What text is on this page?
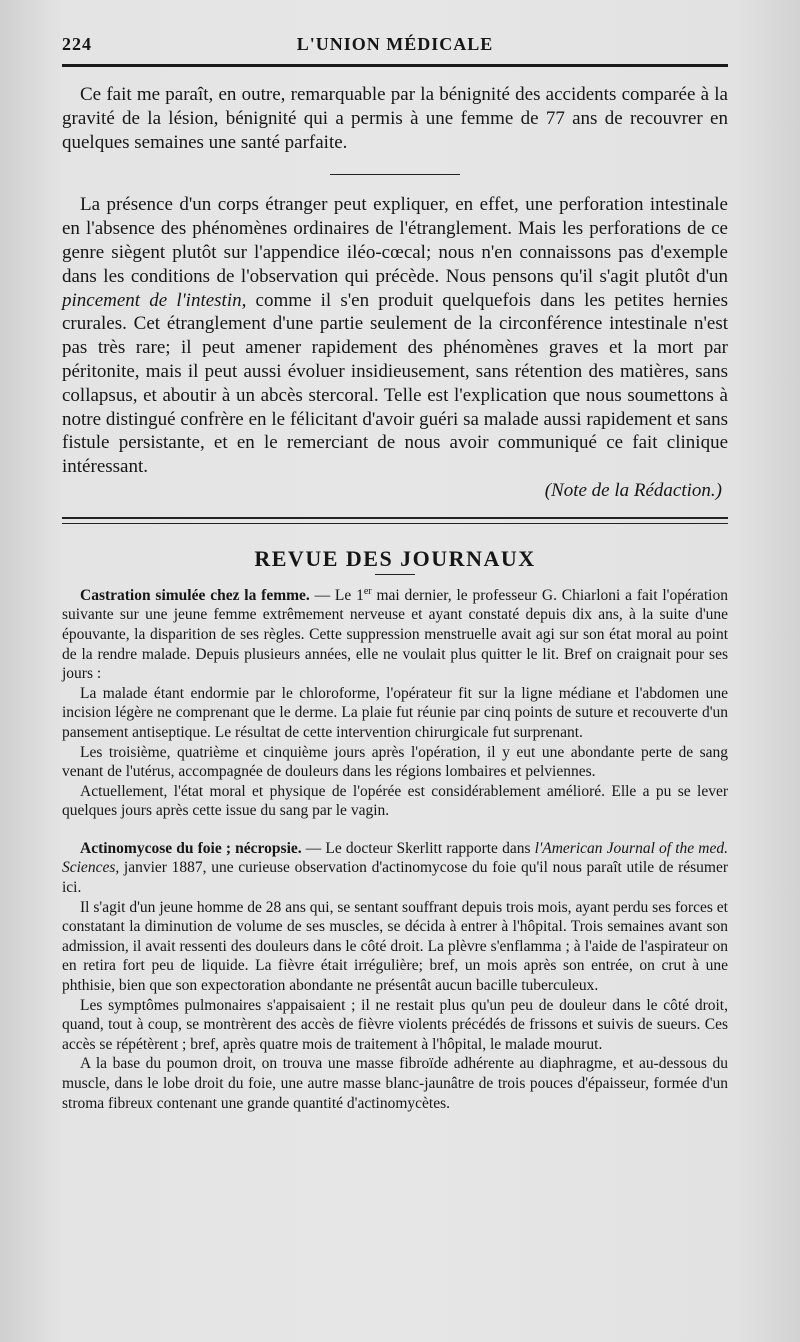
224	L'UNION MÉDICALE

Ce fait me paraît, en outre, remarquable par la bénignité des accidents comparée à la gravité de la lésion, bénignité qui a permis à une femme de 77 ans de recouvrer en quelques semaines une santé parfaite.

La présence d'un corps étranger peut expliquer, en effet, une perforation intestinale en l'absence des phénomènes ordinaires de l'étranglement. Mais les perforations de ce genre siègent plutôt sur l'appendice iléo-cœcal; nous n'en connaissons pas d'exemple dans les conditions de l'observation qui précède. Nous pensons qu'il s'agit plutôt d'un pincement de l'intestin, comme il s'en produit quelquefois dans les petites hernies crurales. Cet étranglement d'une partie seulement de la circonférence intestinale n'est pas très rare; il peut amener rapidement des phénomènes graves et la mort par péritonite, mais il peut aussi évoluer insidieusement, sans rétention des matières, sans collapsus, et aboutir à un abcès stercoral. Telle est l'explication que nous soumettons à notre distingué confrère en le félicitant d'avoir guéri sa malade aussi rapidement et sans fistule persistante, et en le remerciant de nous avoir communiqué ce fait clinique intéressant.

(Note de la Rédaction.)
REVUE DES JOURNAUX

Castration simulée chez la femme. — Le 1er mai dernier, le professeur G. Chiarloni a fait l'opération suivante sur une jeune femme extrêmement nerveuse et ayant constaté depuis dix ans, à la suite d'une épouvante, la disparition de ses règles. Cette suppression menstruelle avait agi sur son état moral au point de la rendre malade. Depuis plusieurs années, elle ne voulait plus quitter le lit. Bref on craignait pour ses jours :

La malade étant endormie par le chloroforme, l'opérateur fit sur la ligne médiane et l'abdomen une incision légère ne comprenant que le derme. La plaie fut réunie par cinq points de suture et recouverte d'un pansement antiseptique. Le résultat de cette intervention chirurgicale fut surprenant.

Les troisième, quatrième et cinquième jours après l'opération, il y eut une abondante perte de sang venant de l'utérus, accompagnée de douleurs dans les régions lombaires et pelviennes.

Actuellement, l'état moral et physique de l'opérée est considérablement amélioré. Elle a pu se lever quelques jours après cette issue du sang par le vagin.

Actinomycose du foie ; nécropsie. — Le docteur Skerlitt rapporte dans l'American Journal of the med. Sciences, janvier 1887, une curieuse observation d'actinomycose du foie qu'il nous paraît utile de résumer ici.

Il s'agit d'un jeune homme de 28 ans qui, se sentant souffrant depuis trois mois, ayant perdu ses forces et constatant la diminution de volume de ses muscles, se décida à entrer à l'hôpital. Trois semaines avant son admission, il avait ressenti des douleurs dans le côté droit. La plèvre s'enflamma ; à l'aide de l'aspirateur on en retira fort peu de liquide. La fièvre était irrégulière; bref, un mois après son entrée, on crut à une phthisie, bien que son expectoration abondante ne présentât aucun bacille tuberculeux.

Les symptômes pulmonaires s'appaisaient ; il ne restait plus qu'un peu de douleur dans le côté droit, quand, tout à coup, se montrèrent des accès de fièvre violents précédés de frissons et suivis de sueurs. Ces accès se répétèrent ; bref, après quatre mois de traitement à l'hôpital, le malade mourut.

A la base du poumon droit, on trouva une masse fibroïde adhérente au diaphragme, et au-dessous du muscle, dans le lobe droit du foie, une autre masse blanc-jaunâtre de trois pouces d'épaisseur, formée d'un stroma fibreux contenant une grande quantité d'actinomycètes.
